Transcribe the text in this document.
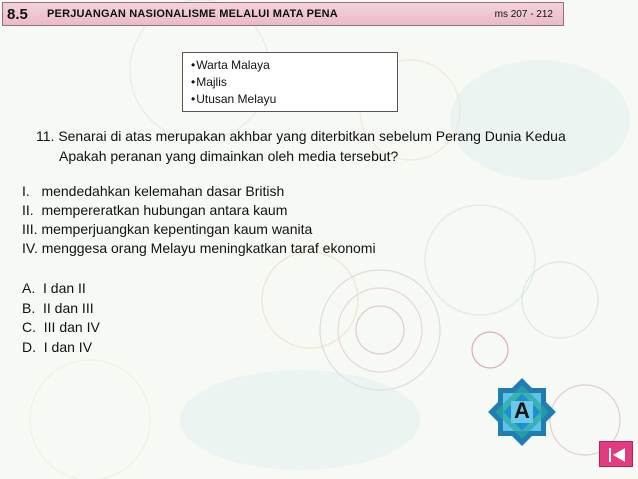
8.5	PERJUANGAN NASIONALISME MELALUI MATA PENA	ms 207 - 212
• Warta Malaya
• Majlis
• Utusan Melayu
11. Senarai di atas merupakan akhbar yang diterbitkan sebelum Perang Dunia Kedua
Apakah peranan yang dimainkan oleh media tersebut?
I.   mendedahkan kelemahan dasar British
II.  mempereratkan hubungan antara kaum
III. memperjuangkan kepentingan kaum wanita
IV. menggesa orang Melayu meningkatkan taraf ekonomi
A.  I dan II
B.  II dan III
C.  III dan IV
D.  I dan IV
A
